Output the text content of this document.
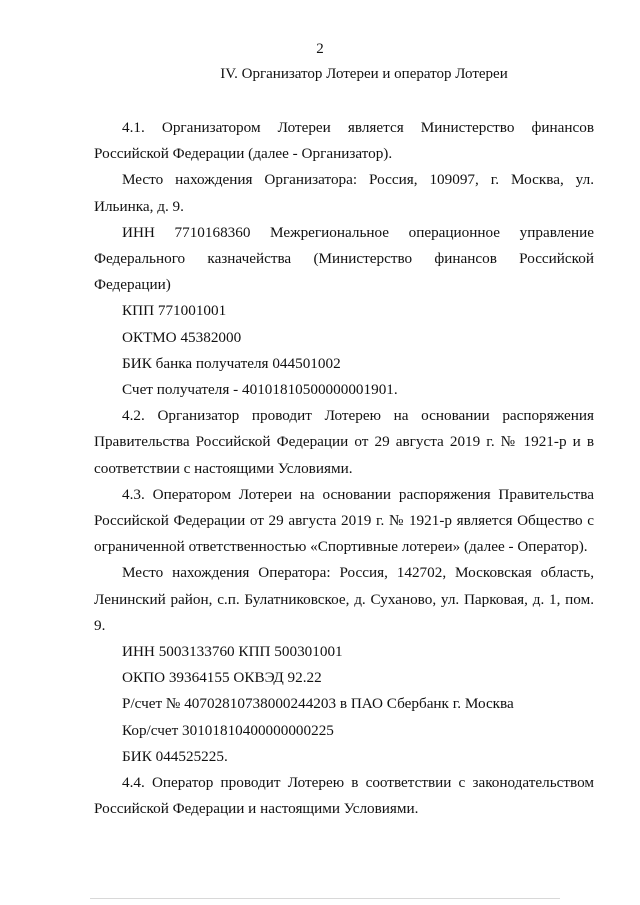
2
IV. Организатор Лотереи и оператор Лотереи

4.1. Организатором Лотереи является Министерство финансов Российской Федерации (далее - Организатор).

Место нахождения Организатора: Россия, 109097, г. Москва, ул. Ильинка, д. 9.

ИНН 7710168360 Межрегиональное операционное управление Федерального казначейства (Министерство финансов Российской Федерации)

КПП 771001001

ОКТМО 45382000

БИК банка получателя 044501002

Счет получателя - 40101810500000001901.

4.2. Организатор проводит Лотерею на основании распоряжения Правительства Российской Федерации от 29 августа 2019 г. № 1921-р и в соответствии с настоящими Условиями.

4.3. Оператором Лотереи на основании распоряжения Правительства Российской Федерации от 29 августа 2019 г. № 1921-р является Общество с ограниченной ответственностью «Спортивные лотереи» (далее - Оператор).

Место нахождения Оператора: Россия, 142702, Московская область, Ленинский район, с.п. Булатниковское, д. Суханово, ул. Парковая, д. 1, пом. 9.

ИНН 5003133760 КПП 500301001

ОКПО 39364155 ОКВЭД 92.22

Р/счет № 40702810738000244203 в ПАО Сбербанк г. Москва

Кор/счет 30101810400000000225

БИК 044525225.

4.4. Оператор проводит Лотерею в соответствии с законодательством Российской Федерации и настоящими Условиями.
